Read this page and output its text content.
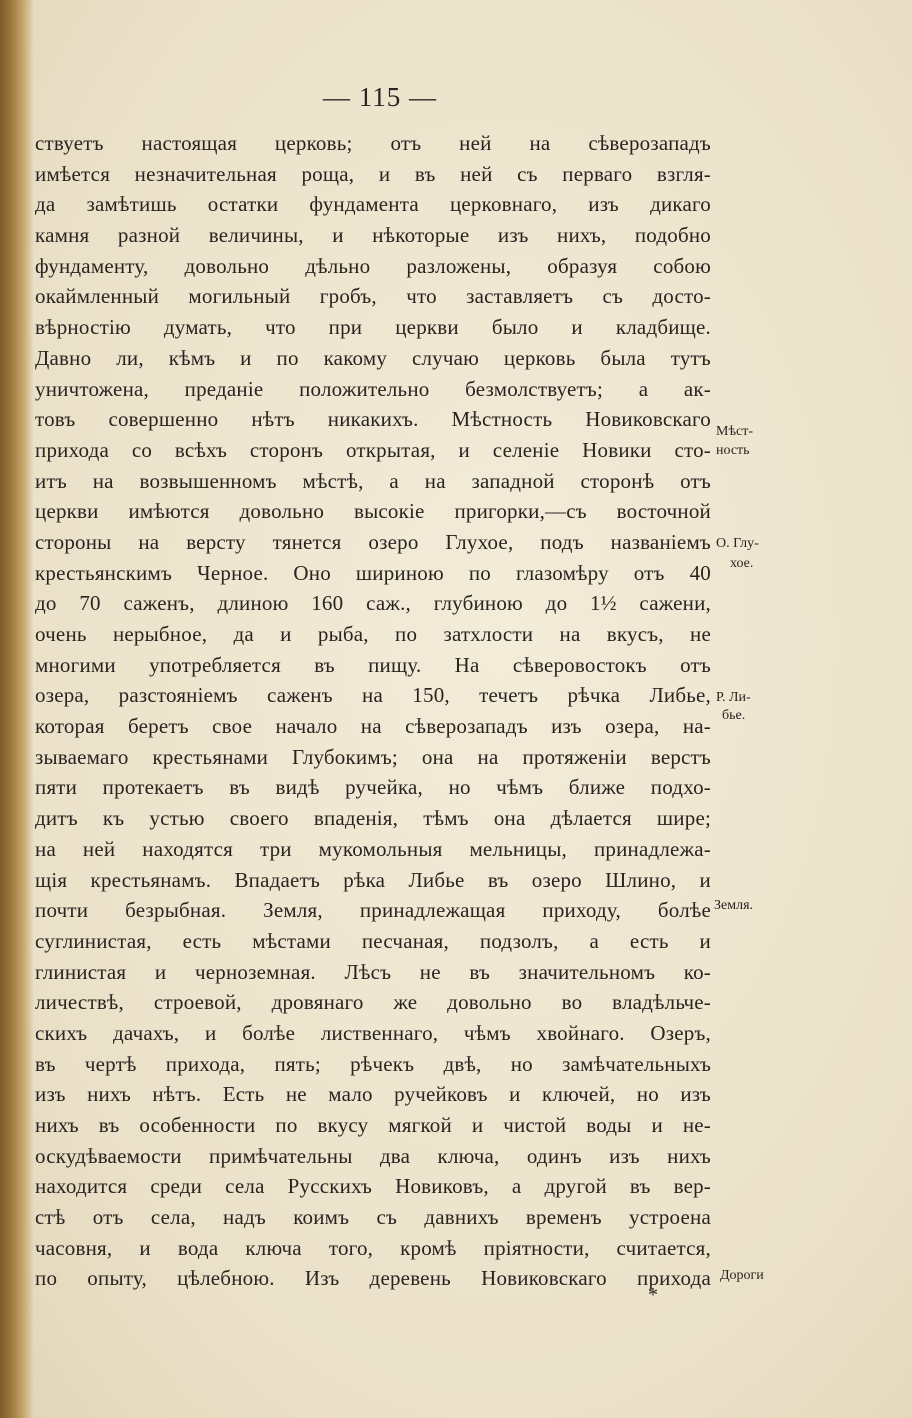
— 115 —
ствуетъ настоящая церковь; отъ ней на сѣверозападъ
имѣется незначительная роща, и въ ней съ перваго взгля-
да замѣтишь остатки фундамента церковнаго, изъ дикаго
камня разной величины, и нѣкоторые изъ нихъ, подобно
фундаменту, довольно дѣльно разложены, образуя собою
окаймленный могильный гробъ, что заставляетъ съ досто-
вѣрностію думать, что при церкви было и кладбище.
Давно ли, кѣмъ и по какому случаю церковь была тутъ
уничтожена, преданіе положительно безмолствуетъ; а ак-
товъ совершенно нѣтъ никакихъ. Мѣстность Новиковскаго
прихода со всѣхъ сторонъ открытая, и селеніе Новики сто-
итъ на возвышенномъ мѣстѣ, а на западной сторонѣ отъ
церкви имѣются довольно высокіе пригорки,—съ восточной
стороны на версту тянется озеро Глухое, подъ названіемъ
крестьянскимъ Черное. Оно шириною по глазомѣру отъ 40
до 70 саженъ, длиною 160 саж., глубиною до 1½ сажени,
очень нерыбное, да и рыба, по затхлости на вкусъ, не
многими употребляется въ пищу. На сѣверовостокъ отъ
озера, разстояніемъ саженъ на 150, течетъ рѣчка Либье,
которая беретъ свое начало на сѣверозападъ изъ озера, на-
зываемаго крестьянами Глубокимъ; она на протяженіи верстъ
пяти протекаетъ въ видѣ ручейка, но чѣмъ ближе подхо-
дитъ къ устью своего впаденія, тѣмъ она дѣлается шире;
на ней находятся три мукомольныя мельницы, принадлежа-
щія крестьянамъ. Впадаетъ рѣка Либье въ озеро Шлино, и
почти безрыбная. Земля, принадлежащая приходу, болѣе
суглинистая, есть мѣстами песчаная, подзолъ, а есть и
глинистая и черноземная. Лѣсъ не въ значительномъ ко-
личествѣ, строевой, дровянаго же довольно во владѣльче-
скихъ дачахъ, и болѣе лиственнаго, чѣмъ хвойнаго. Озеръ,
въ чертѣ прихода, пять; рѣчекъ двѣ, но замѣчательныхъ
изъ нихъ нѣтъ. Есть не мало ручейковъ и ключей, но изъ
нихъ въ особенности по вкусу мягкой и чистой воды и не-
оскудѣваемости примѣчательны два ключа, одинъ изъ нихъ
находится среди села Русскихъ Новиковъ, а другой въ вер-
стѣ отъ села, надъ коимъ съ давнихъ временъ устроена
часовня, и вода ключа того, кромѣ пріятности, считается,
по опыту, цѣлебною. Изъ деревень Новиковскаго прихода
Мѣст-
ность
О. Глу-
хое.
Р. Ли-
бье.
Земля.
Дороги
*
